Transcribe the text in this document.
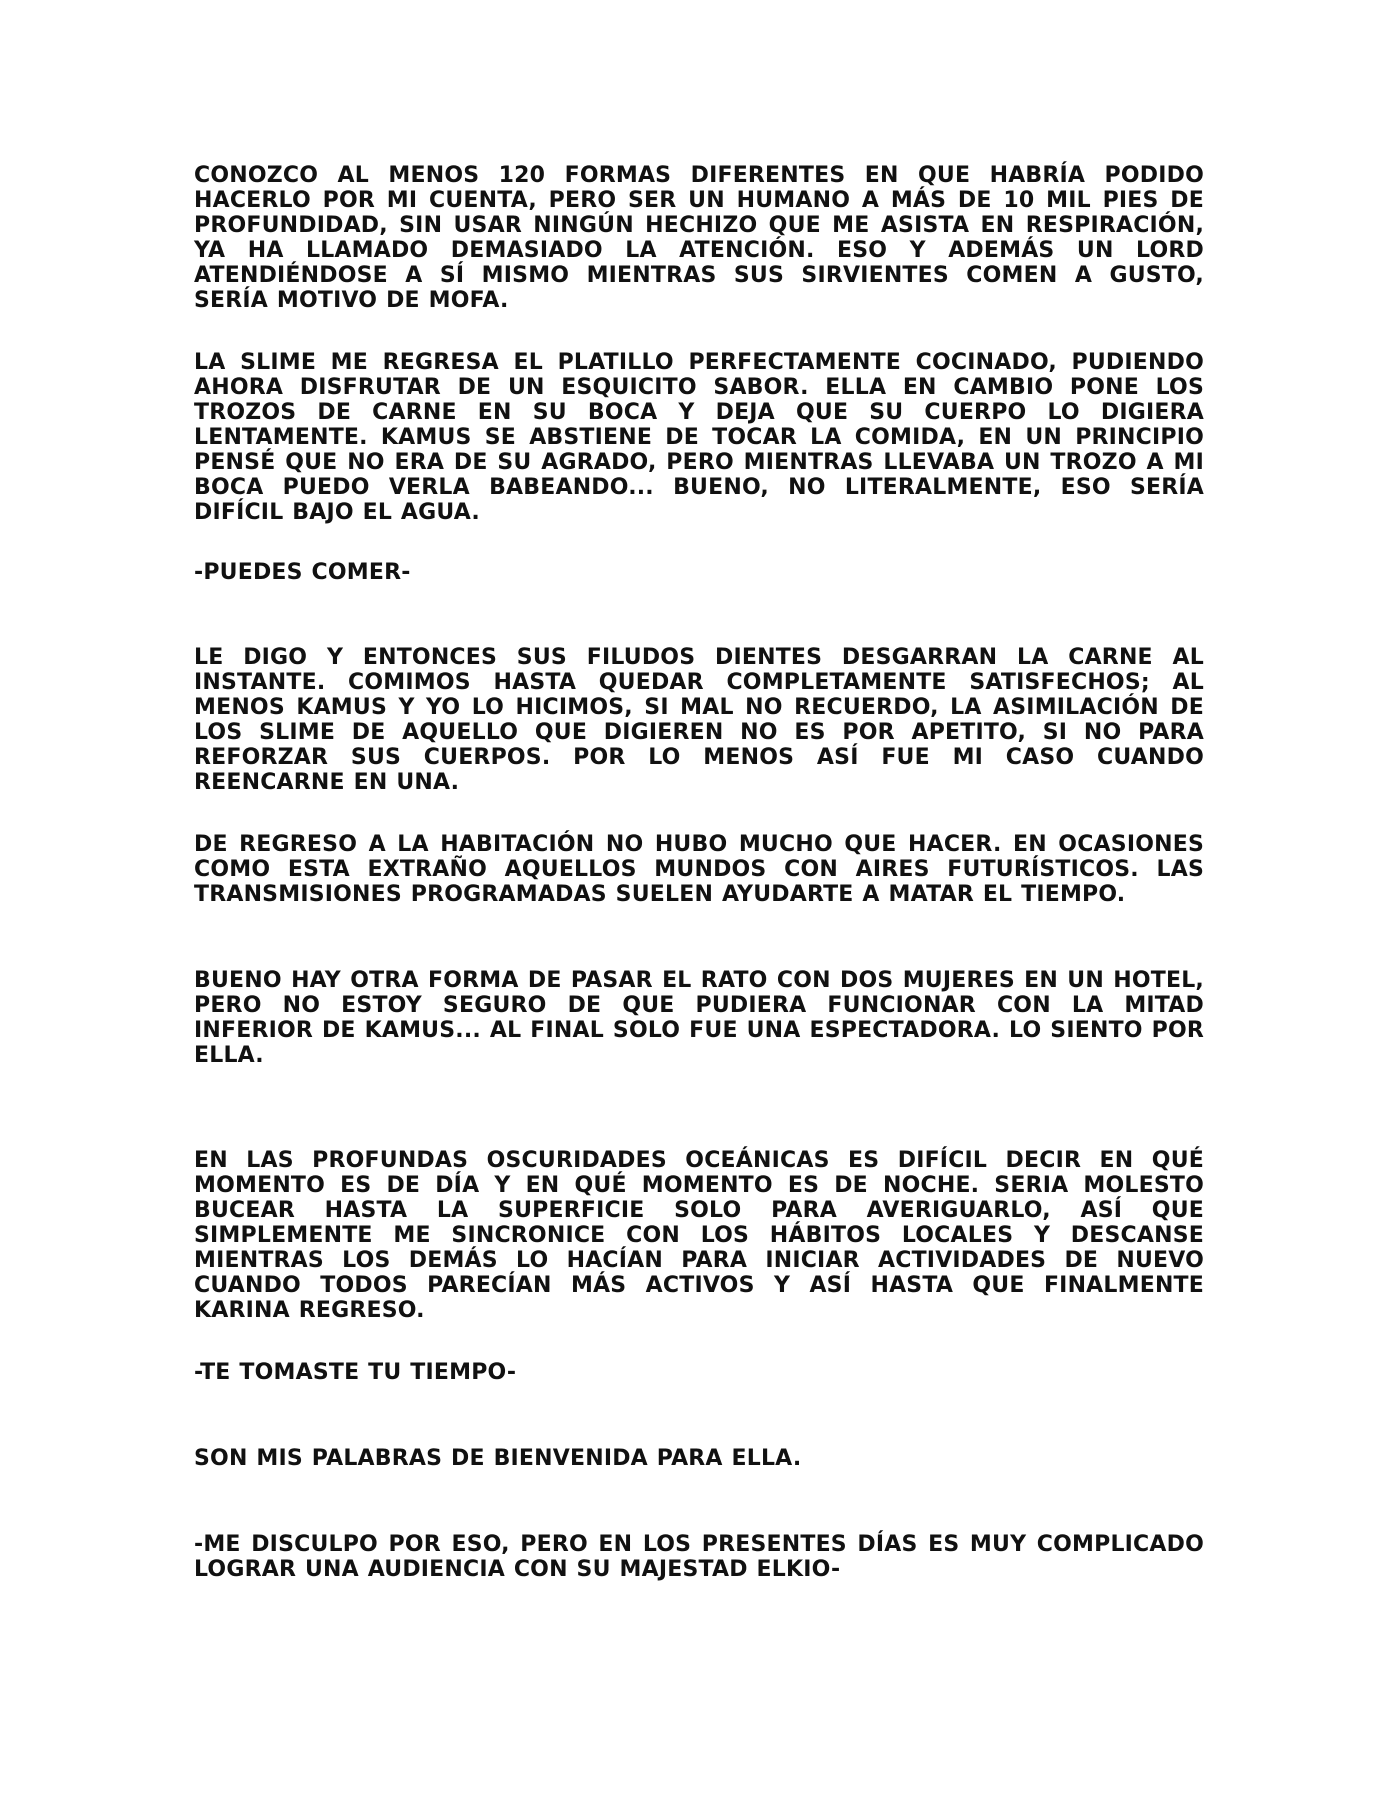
CONOZCO AL MENOS 120 FORMAS DIFERENTES EN QUE HABRÍA PODIDO HACERLO POR MI CUENTA, PERO SER UN HUMANO A MÁS DE 10 MIL PIES DE PROFUNDIDAD, SIN USAR NINGÚN HECHIZO QUE ME ASISTA EN RESPIRACIÓN, YA HA LLAMADO DEMASIADO LA ATENCIÓN. ESO Y ADEMÁS UN LORD ATENDIÉNDOSE A SÍ MISMO MIENTRAS SUS SIRVIENTES COMEN A GUSTO, SERÍA MOTIVO DE MOFA.

LA SLIME ME REGRESA EL PLATILLO PERFECTAMENTE COCINADO, PUDIENDO AHORA DISFRUTAR DE UN ESQUICITO SABOR. ELLA EN CAMBIO PONE LOS TROZOS DE CARNE EN SU BOCA Y DEJA QUE SU CUERPO LO DIGIERA LENTAMENTE. KAMUS SE ABSTIENE DE TOCAR LA COMIDA, EN UN PRINCIPIO PENSÉ QUE NO ERA DE SU AGRADO, PERO MIENTRAS LLEVABA UN TROZO A MI BOCA PUEDO VERLA BABEANDO... BUENO, NO LITERALMENTE, ESO SERÍA DIFÍCIL BAJO EL AGUA.

-PUEDES COMER-

LE DIGO Y ENTONCES SUS FILUDOS DIENTES DESGARRAN LA CARNE AL INSTANTE. COMIMOS HASTA QUEDAR COMPLETAMENTE SATISFECHOS; AL MENOS KAMUS Y YO LO HICIMOS, SI MAL NO RECUERDO, LA ASIMILACIÓN DE LOS SLIME DE AQUELLO QUE DIGIEREN NO ES POR APETITO, SI NO PARA REFORZAR SUS CUERPOS. POR LO MENOS ASÍ FUE MI CASO CUANDO REENCARNE EN UNA.

DE REGRESO A LA HABITACIÓN NO HUBO MUCHO QUE HACER. EN OCASIONES COMO ESTA EXTRAÑO AQUELLOS MUNDOS CON AIRES FUTURÍSTICOS. LAS TRANSMISIONES PROGRAMADAS SUELEN AYUDARTE A MATAR EL TIEMPO.

BUENO HAY OTRA FORMA DE PASAR EL RATO CON DOS MUJERES EN UN HOTEL, PERO NO ESTOY SEGURO DE QUE PUDIERA FUNCIONAR CON LA MITAD INFERIOR DE KAMUS... AL FINAL SOLO FUE UNA ESPECTADORA. LO SIENTO POR ELLA.

EN LAS PROFUNDAS OSCURIDADES OCEÁNICAS ES DIFÍCIL DECIR EN QUÉ MOMENTO ES DE DÍA Y EN QUÉ MOMENTO ES DE NOCHE. SERIA MOLESTO BUCEAR HASTA LA SUPERFICIE SOLO PARA AVERIGUARLO, ASÍ QUE SIMPLEMENTE ME SINCRONICE CON LOS HÁBITOS LOCALES Y DESCANSE MIENTRAS LOS DEMÁS LO HACÍAN PARA INICIAR ACTIVIDADES DE NUEVO CUANDO TODOS PARECÍAN MÁS ACTIVOS Y ASÍ HASTA QUE FINALMENTE KARINA REGRESO.

-TE TOMASTE TU TIEMPO-

SON MIS PALABRAS DE BIENVENIDA PARA ELLA.

-ME DISCULPO POR ESO, PERO EN LOS PRESENTES DÍAS ES MUY COMPLICADO LOGRAR UNA AUDIENCIA CON SU MAJESTAD ELKIO-
